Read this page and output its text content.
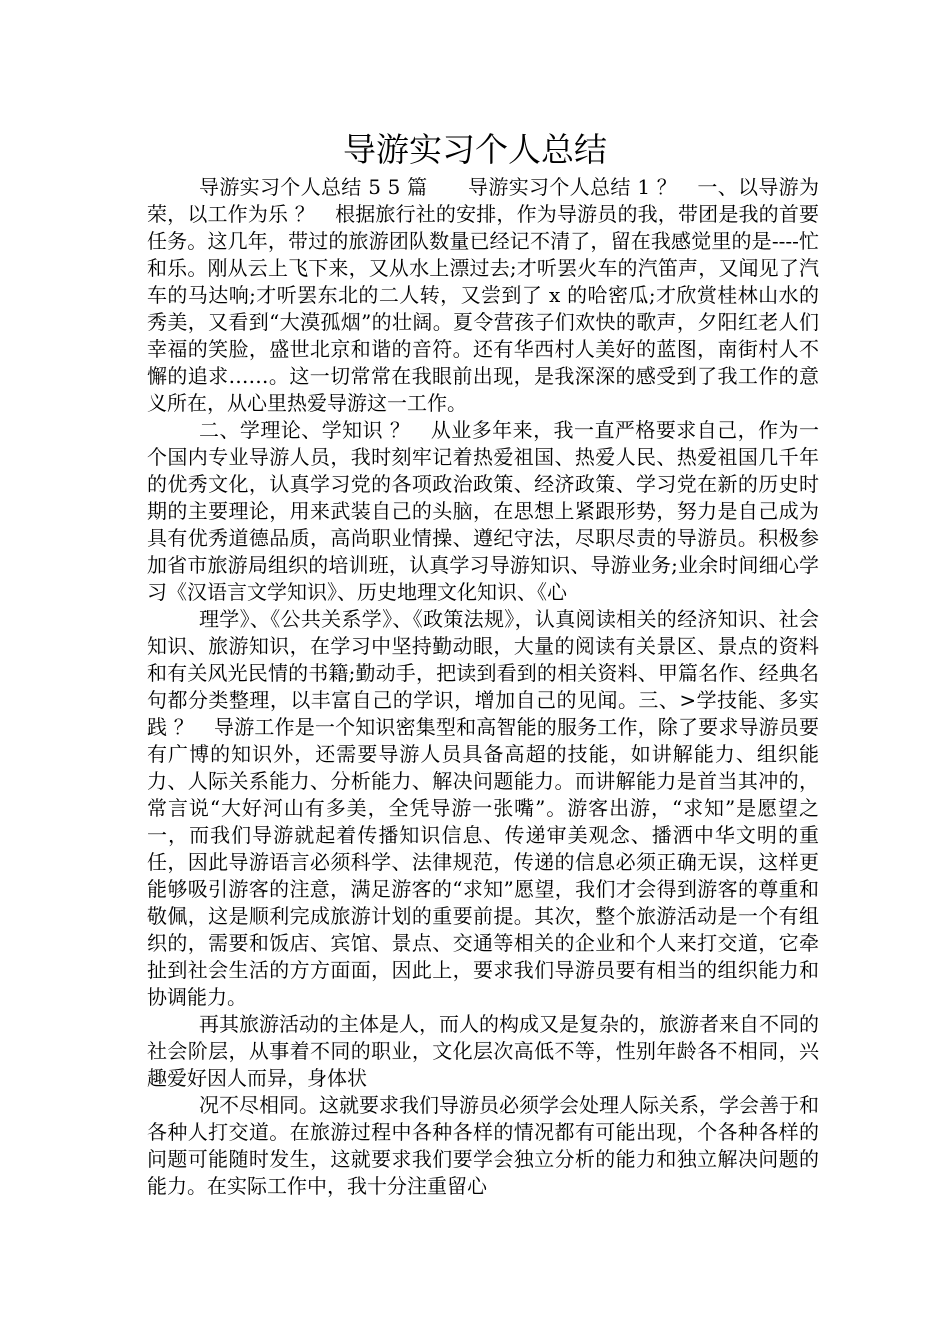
导游实习个人总结

导游实习个人总结 5 5 篇　　导游实习个人总结 1 ？　一、以导游为荣，以工作为乐 ？　根据旅行社的安排，作为导游员的我，带团是我的首要任务。这几年，带过的旅游团队数量已经记不清了，留在我感觉里的是----忙和乐。刚从云上飞下来，又从水上漂过去;才听罢火车的汽笛声，又闻见了汽车的马达响;才听罢东北的二人转，又尝到了 x 的哈密瓜;才欣赏桂林山水的秀美，又看到“大漠孤烟”的壮阔。夏令营孩子们欢快的歌声，夕阳红老人们幸福的笑脸，盛世北京和谐的音符。还有华西村人美好的蓝图，南街村人不懈的追求……。这一切常常在我眼前出现，是我深深的感受到了我工作的意义所在，从心里热爱导游这一工作。

二、学理论、学知识 ？　从业多年来，我一直严格要求自己，作为一个国内专业导游人员，我时刻牢记着热爱祖国、热爱人民、热爱祖国几千年的优秀文化，认真学习党的各项政治政策、经济政策、学习党在新的历史时期的主要理论，用来武装自己的头脑，在思想上紧跟形势，努力是自己成为具有优秀道德品质，高尚职业情操、遵纪守法，尽职尽责的导游员。积极参加省市旅游局组织的培训班，认真学习导游知识、导游业务;业余时间细心学习《汉语言文学知识》、历史地理文化知识、《心

理学》、《公共关系学》、《政策法规》，认真阅读相关的经济知识、社会知识、旅游知识，在学习中坚持勤动眼，大量的阅读有关景区、景点的资料和有关风光民情的书籍;勤动手，把读到看到的相关资料、甲篇名作、经典名句都分类整理，以丰富自己的学识，增加自己的见闻。三、>学技能、多实践 ？　导游工作是一个知识密集型和高智能的服务工作，除了要求导游员要有广博的知识外，还需要导游人员具备高超的技能，如讲解能力、组织能力、人际关系能力、分析能力、解决问题能力。而讲解能力是首当其冲的，常言说“大好河山有多美，全凭导游一张嘴”。游客出游，“求知”是愿望之一，而我们导游就起着传播知识信息、传递审美观念、播洒中华文明的重任，因此导游语言必须科学、法律规范，传递的信息必须正确无误，这样更能够吸引游客的注意，满足游客的“求知”愿望，我们才会得到游客的尊重和敬佩，这是顺利完成旅游计划的重要前提。其次，整个旅游活动是一个有组织的，需要和饭店、宾馆、景点、交通等相关的企业和个人来打交道，它牵扯到社会生活的方方面面，因此上，要求我们导游员要有相当的组织能力和协调能力。

再其旅游活动的主体是人，而人的构成又是复杂的，旅游者来自不同的社会阶层，从事着不同的职业，文化层次高低不等，性别年龄各不相同，兴趣爱好因人而异，身体状

况不尽相同。这就要求我们导游员必须学会处理人际关系，学会善于和各种人打交道。在旅游过程中各种各样的情况都有可能出现，个各种各样的问题可能随时发生，这就要求我们要学会独立分析的能力和独立解决问题的能力。在实际工作中，我十分注重留心
